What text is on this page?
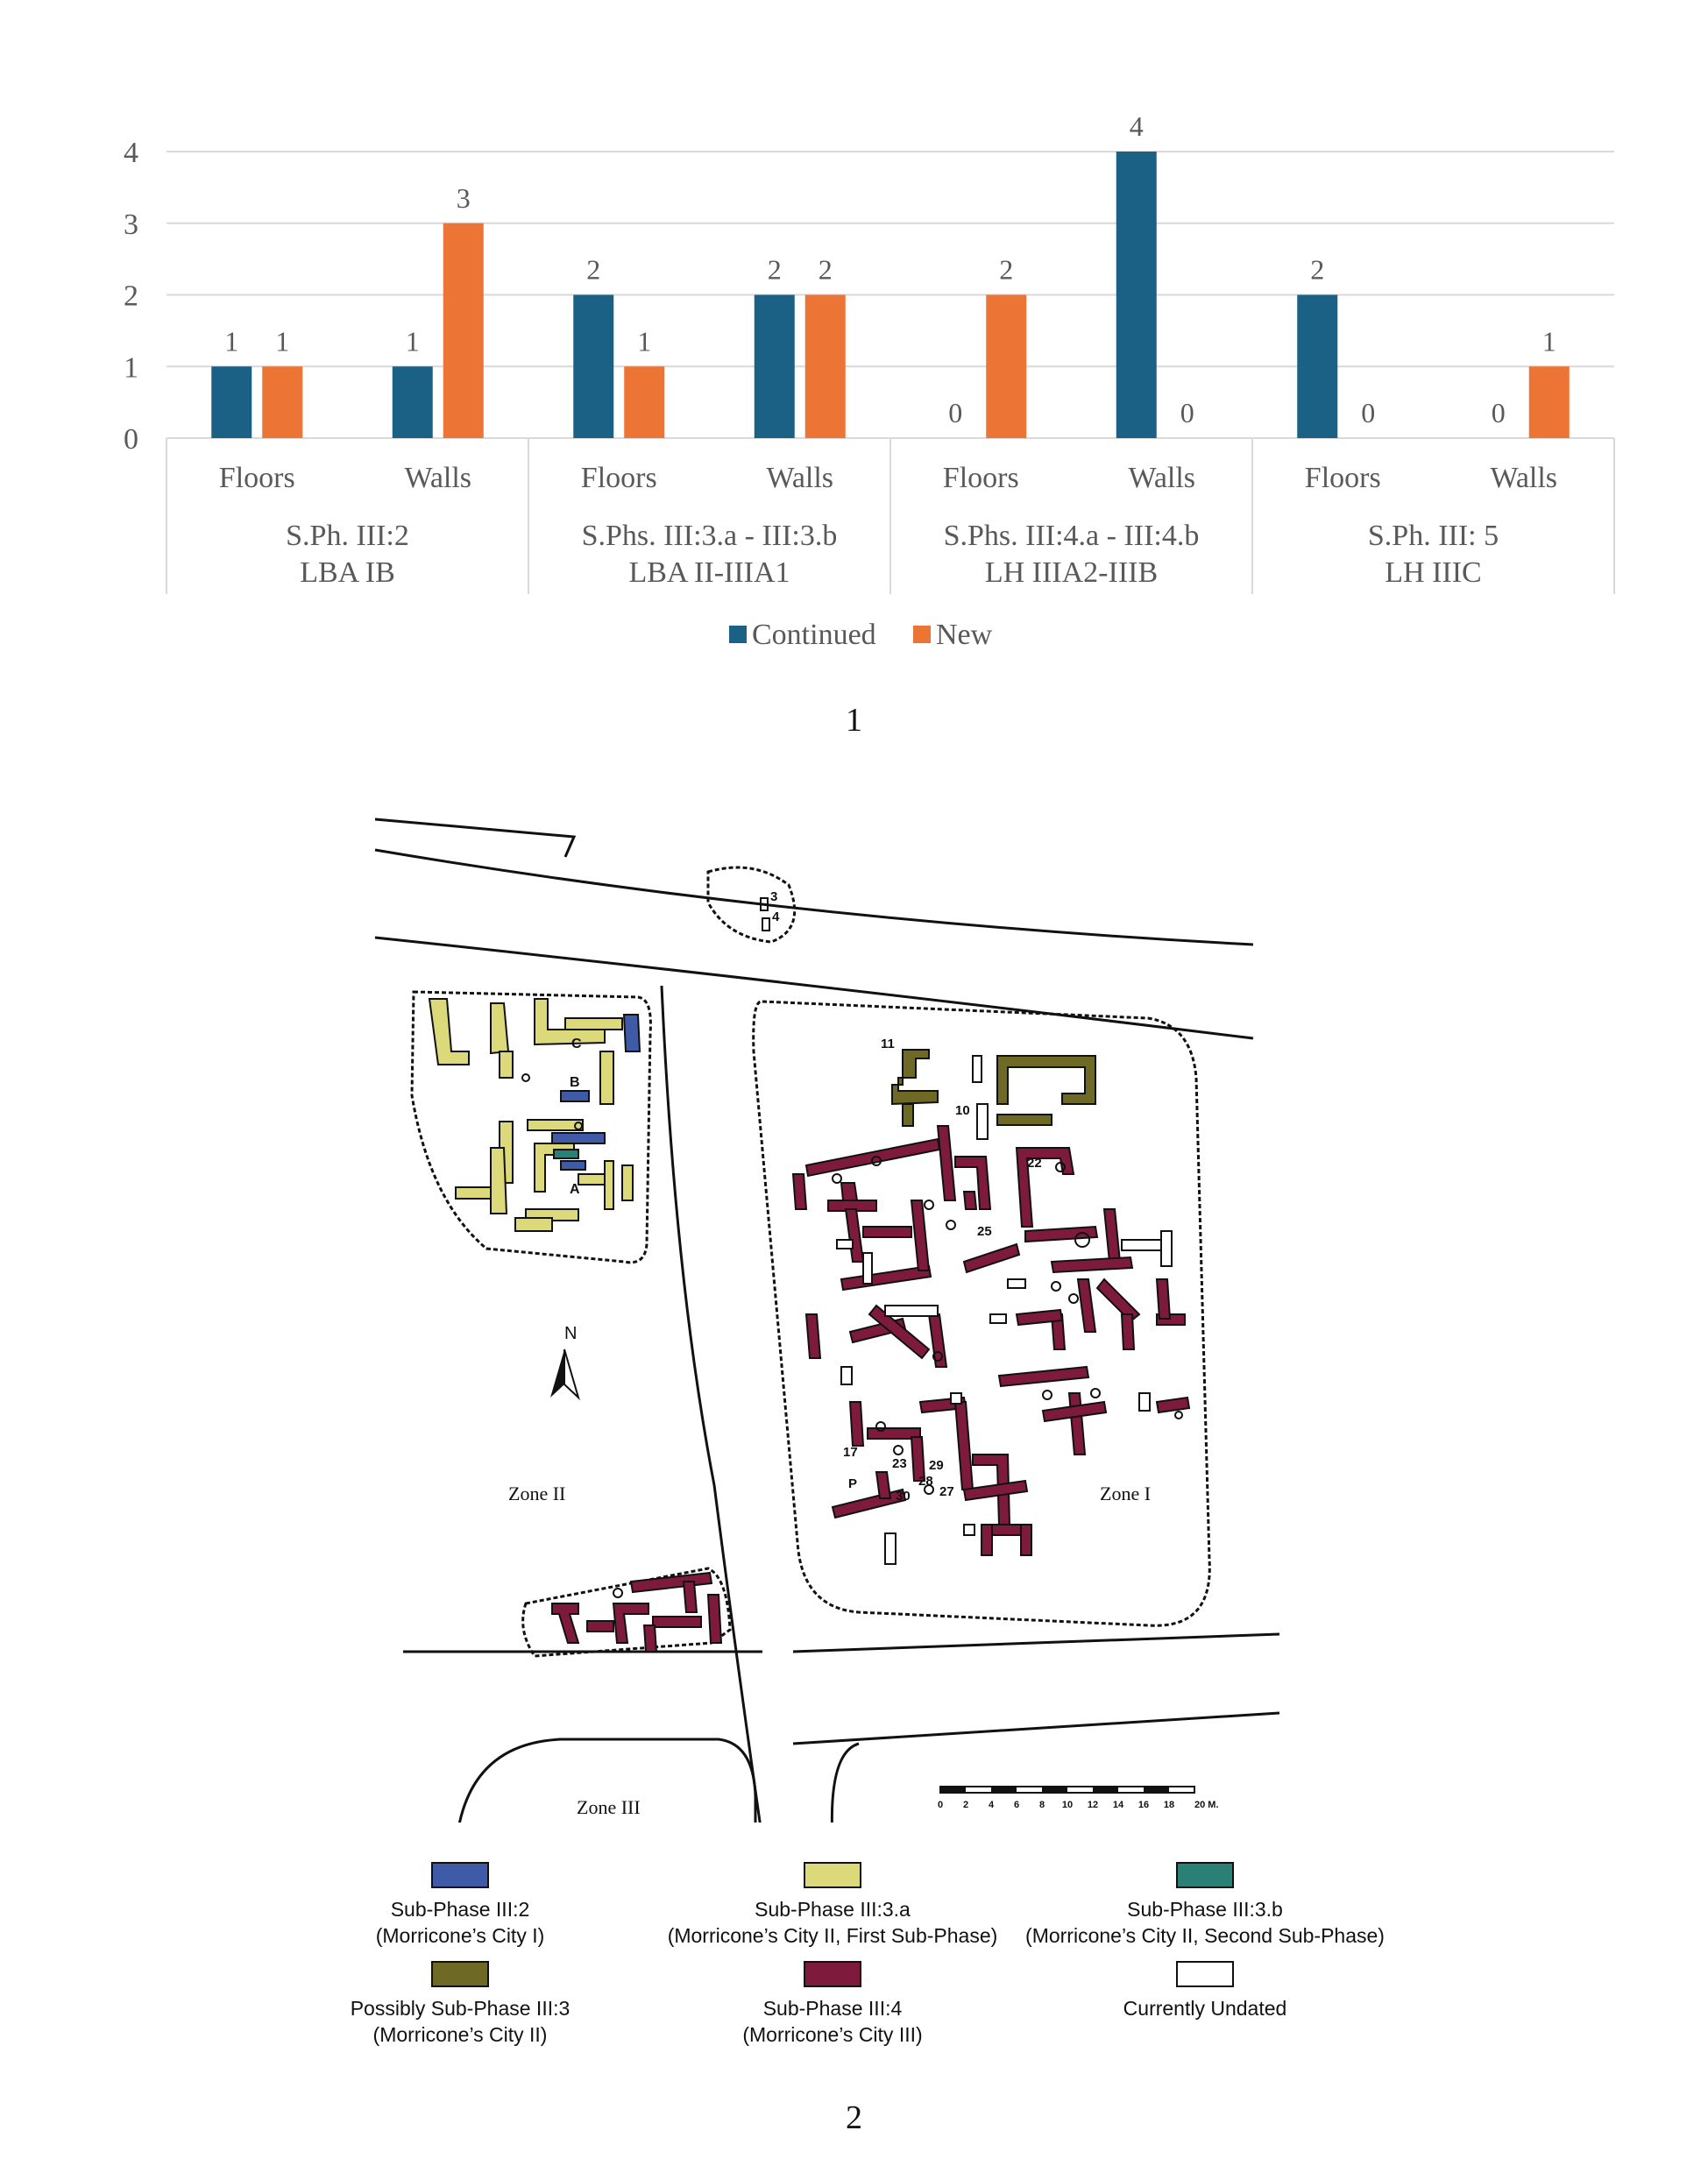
0
1
2
3
4
1 1
Floors
1
3
Walls
2
1
Floors
2 2
Walls
0
2
Floors
4
0
Walls
2
0
Floors
0
1
Walls
S.Ph. III:2
LBA IB
S.Phs. III:3.a - III:3.b
LBA II-IIIA1
S.Phs. III:4.a - III:4.b
LH IIIA2-IIIB
S.Ph. III: 5
LH IIIC
Continued New
1
C
B
A
3
4
11
10
22
25
17
23 29
28
27
30
P
N
Zone II	Zone I
Zone III	0 2 4 6 8 10 12 14 16 18 20 M.
Sub-Phase III:2
(Morricone’s City I)
Sub-Phase III:3.a
(Morricone’s City II, First Sub-Phase)
Sub-Phase III:3.b
(Morricone’s City II, Second Sub-Phase)
Possibly Sub-Phase III:3
(Morricone’s City II)
Sub-Phase III:4
(Morricone’s City III)
Currently Undated
2
